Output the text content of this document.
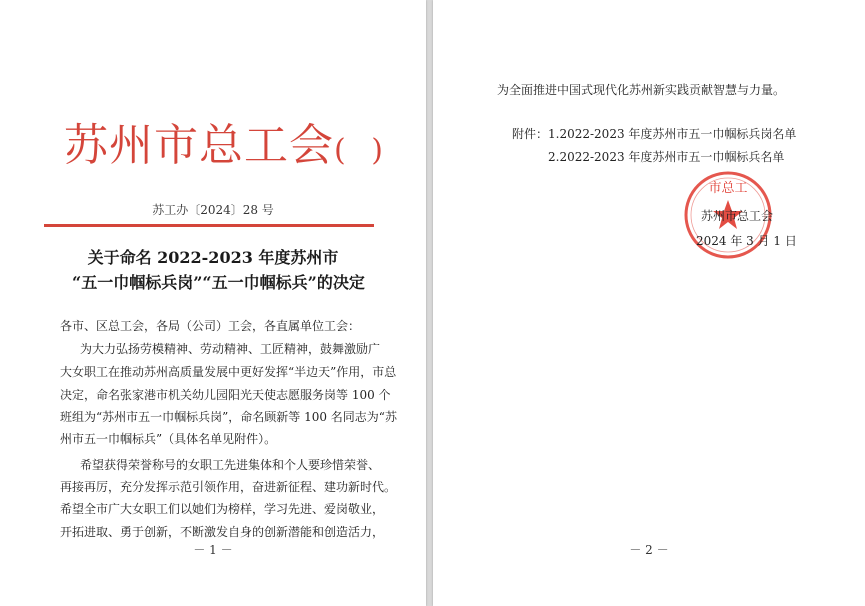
苏州市总工会( )
苏工办〔2024〕28 号
关于命名 2022-2023 年度苏州市
“五一巾帼标兵岗”“五一巾帼标兵”的决定
各市、区总工会，各局（公司）工会，各直属单位工会：
为大力弘扬劳模精神、劳动精神、工匠精神，鼓舞激励广
大女职工在推动苏州高质量发展中更好发挥“半边天”作用，市总
决定，命名张家港市机关幼儿园阳光天使志愿服务岗等 100 个
班组为“苏州市五一巾帼标兵岗”，命名顾新等 100 名同志为“苏
州市五一巾帼标兵”（具体名单见附件）。
希望获得荣誉称号的女职工先进集体和个人要珍惜荣誉、
再接再厉，充分发挥示范引领作用，奋进新征程、建功新时代。
希望全市广大女职工们以她们为榜样，学习先进、爱岗敬业，
开拓进取、勇于创新，不断激发自身的创新潜能和创造活力，
－ 1 －
为全面推进中国式现代化苏州新实践贡献智慧与力量。
附件：1.2022-2023 年度苏州市五一巾帼标兵岗名单
2.2022-2023 年度苏州市五一巾帼标兵名单
市总工
苏州市总工会
2024 年 3 月 1 日
－ 2 －
